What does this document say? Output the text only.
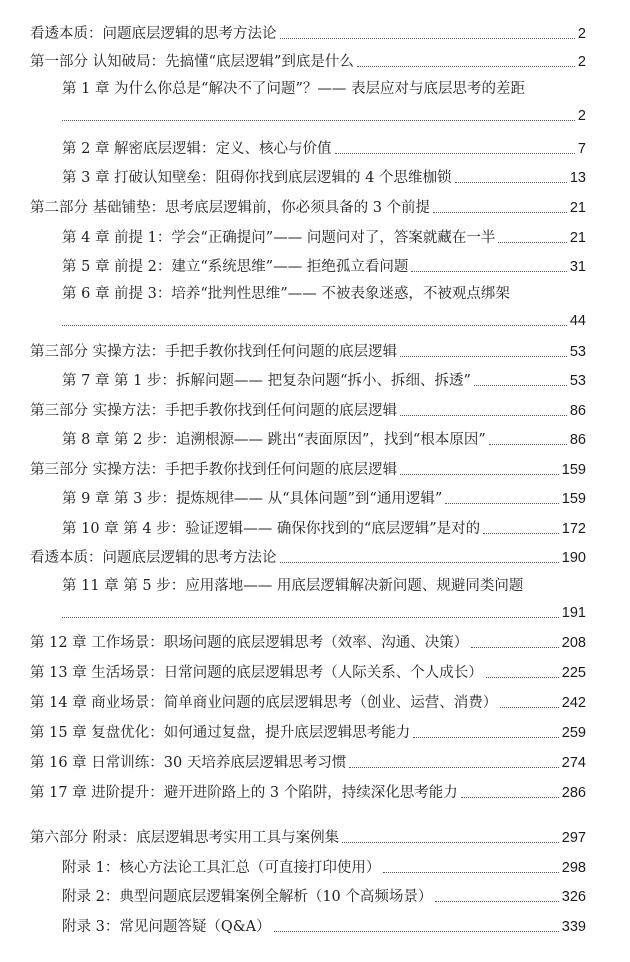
看透本质：问题底层逻辑的思考方法论	2
第一部分 认知破局：先搞懂“底层逻辑”到底是什么	2
第 1 章 为什么你总是“解决不了问题”？—— 表层应对与底层思考的差距
2
第 2 章 解密底层逻辑：定义、核心与价值	7
第 3 章 打破认知壁垒：阻碍你找到底层逻辑的 4 个思维枷锁	13
第二部分 基础铺垫：思考底层逻辑前，你必须具备的 3 个前提	21
第 4 章 前提 1：学会“正确提问”—— 问题问对了，答案就藏在一半	21
第 5 章 前提 2：建立“系统思维”—— 拒绝孤立看问题	31
第 6 章 前提 3：培养“批判性思维”—— 不被表象迷惑，不被观点绑架
44
第三部分 实操方法：手把手教你找到任何问题的底层逻辑	53
第 7 章 第 1 步：拆解问题—— 把复杂问题“拆小、拆细、拆透”	53
第三部分 实操方法：手把手教你找到任何问题的底层逻辑	86
第 8 章 第 2 步：追溯根源—— 跳出“表面原因”，找到“根本原因”	86
第三部分 实操方法：手把手教你找到任何问题的底层逻辑	159
第 9 章 第 3 步：提炼规律—— 从“具体问题”到“通用逻辑”	159
第 10 章 第 4 步：验证逻辑—— 确保你找到的“底层逻辑”是对的	172
看透本质：问题底层逻辑的思考方法论	190
第 11 章 第 5 步：应用落地—— 用底层逻辑解决新问题、规避同类问题
191
第 12 章 工作场景：职场问题的底层逻辑思考（效率、沟通、决策）	208
第 13 章 生活场景：日常问题的底层逻辑思考（人际关系、个人成长）	225
第 14 章 商业场景：简单商业问题的底层逻辑思考（创业、运营、消费）	242
第 15 章 复盘优化：如何通过复盘，提升底层逻辑思考能力	259
第 16 章 日常训练：30 天培养底层逻辑思考习惯	274
第 17 章 进阶提升：避开进阶路上的 3 个陷阱，持续深化思考能力	286
第六部分 附录：底层逻辑思考实用工具与案例集	297
附录 1：核心方法论工具汇总（可直接打印使用）	298
附录 2：典型问题底层逻辑案例全解析（10 个高频场景）	326
附录 3：常见问题答疑（Q&A）	339
